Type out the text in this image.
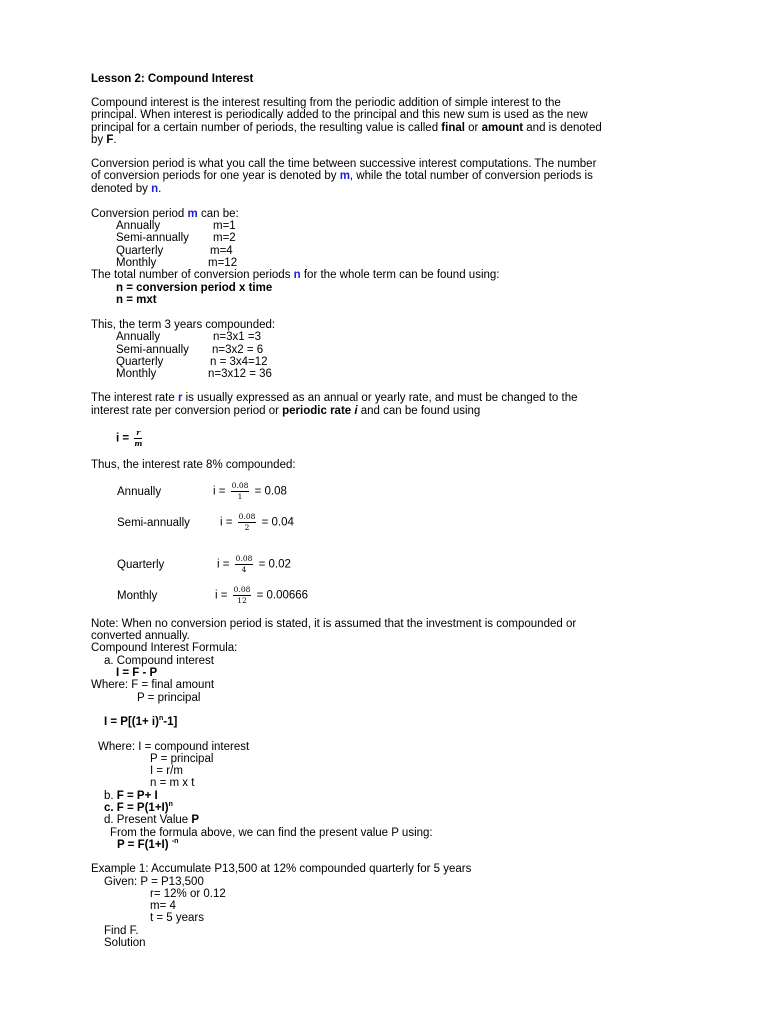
Lesson 2: Compound Interest
Compound interest is the interest resulting from the periodic addition of simple interest to the
principal. When interest is periodically added to the principal and this new sum is used as the new
principal for a certain number of periods, the resulting value is called final or amount and is denoted
by F.
Conversion period is what you call the time between successive interest computations. The number
of conversion periods for one year is denoted by m, while the total number of conversion periods is
denoted by n.
Conversion period m can be:
Annually	m=1
Semi-annually m=2
Quarterly	m=4
Monthly	m=12
The total number of conversion periods n for the whole term can be found using:
n = conversion period x time
n = mxt
This, the term 3 years compounded:
Annually	n=3x1 =3
Semi-annually n=3x2 = 6
Quarterly	n = 3x4=12
Monthly	n=3x12 = 36
The interest rate r is usually expressed as an annual or yearly rate, and must be changed to the
interest rate per conversion period or periodic rate i and can be found using
$i = \frac{r}{m}$
Thus, the interest rate 8% compounded:
Annually	$i = \frac{0.08}{1} = 0.08$
Semi-annually	$i = \frac{0.08}{2} = 0.04$
Quarterly	$i = \frac{0.08}{4} = 0.02$
Monthly	$i = \frac{0.08}{12} = 0.00666$
Note: When no conversion period is stated, it is assumed that the investment is compounded or
converted annually.
Compound Interest Formula:
a. Compound interest
I = F - P
Where: F = final amount
P = principal
$I = P[(1+ i)^n-1]$
Where: I = compound interest
P = principal
I = r/m
n = m x t
b. F = P+ I
c. $F = P(1+I)^n$
d. Present Value P
From the formula above, we can find the present value P using:
P = F(1+I) $^{-n}$
Example 1: Accumulate P13,500 at 12% compounded quarterly for 5 years
Given: P = P13,500
r= 12% or 0.12
m= 4
t = 5 years
Find F.
Solution
